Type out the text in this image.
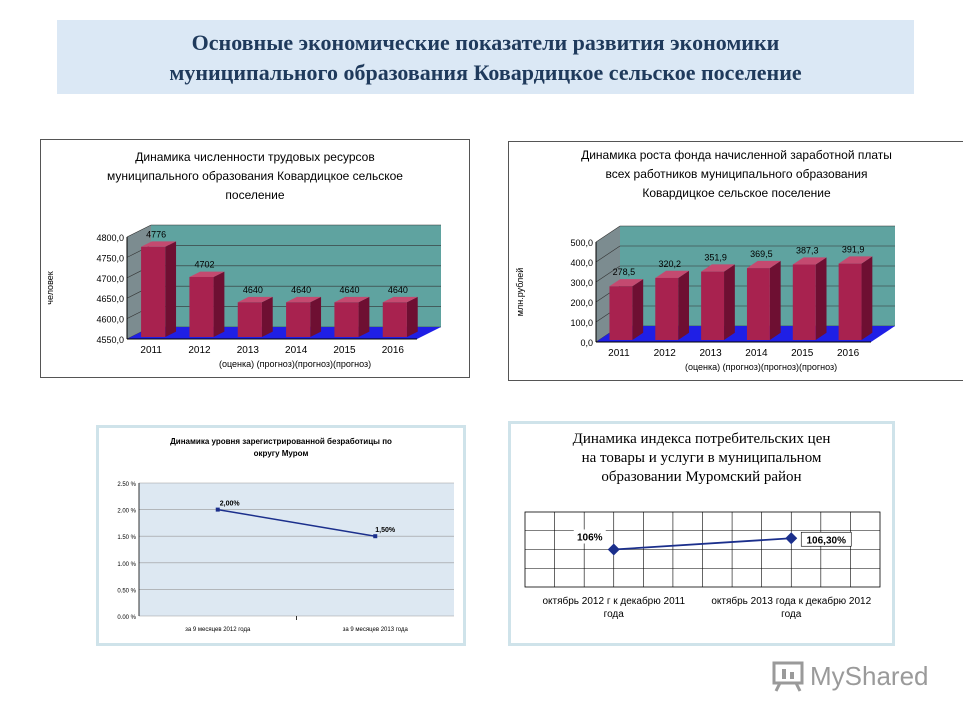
Основные экономические показатели развития экономики
муниципального образования Ковардицкое сельское поселение
Динамика численности трудовых ресурсов
муниципального образования Ковардицкое сельское
поселение
4800,0
4750,0
4700,0
4650,0
4600,0
4550,0
человек
4776
2011
4702
2012
4640
2013
4640
2014
4640
2015
4640
2016
(оценка) (прогноз)(прогноз)(прогноз)
Динамика роста фонда начисленной заработной платы
всех работников муниципального образования
Ковардицкое сельское поселение
500,0
400,0
300,0
200,0
100,0
0,0
млн.рублей	278,5
2011
320,2
2012
351,9
2013
369,5
2014
387,3
2015
391,9
2016
(оценка) (прогноз)(прогноз)(прогноз)
Динамика уровня зарегистрированной безработицы по
округу Муром
2.50 %
2.00 %
1.50 %
1.00 %
0.50 %
0.00 %
2,00%
за 9 месяцев 2012 года
1,50%
за 9 месяцев 2013 года
Динамика индекса потребительских цен
на товары и услуги в муниципальном
образовании Муромский район
106%
октябрь 2012 г к декабрю 2011
года
106,30%
октябрь 2013 года к декабрю 2012
года
MyShared
